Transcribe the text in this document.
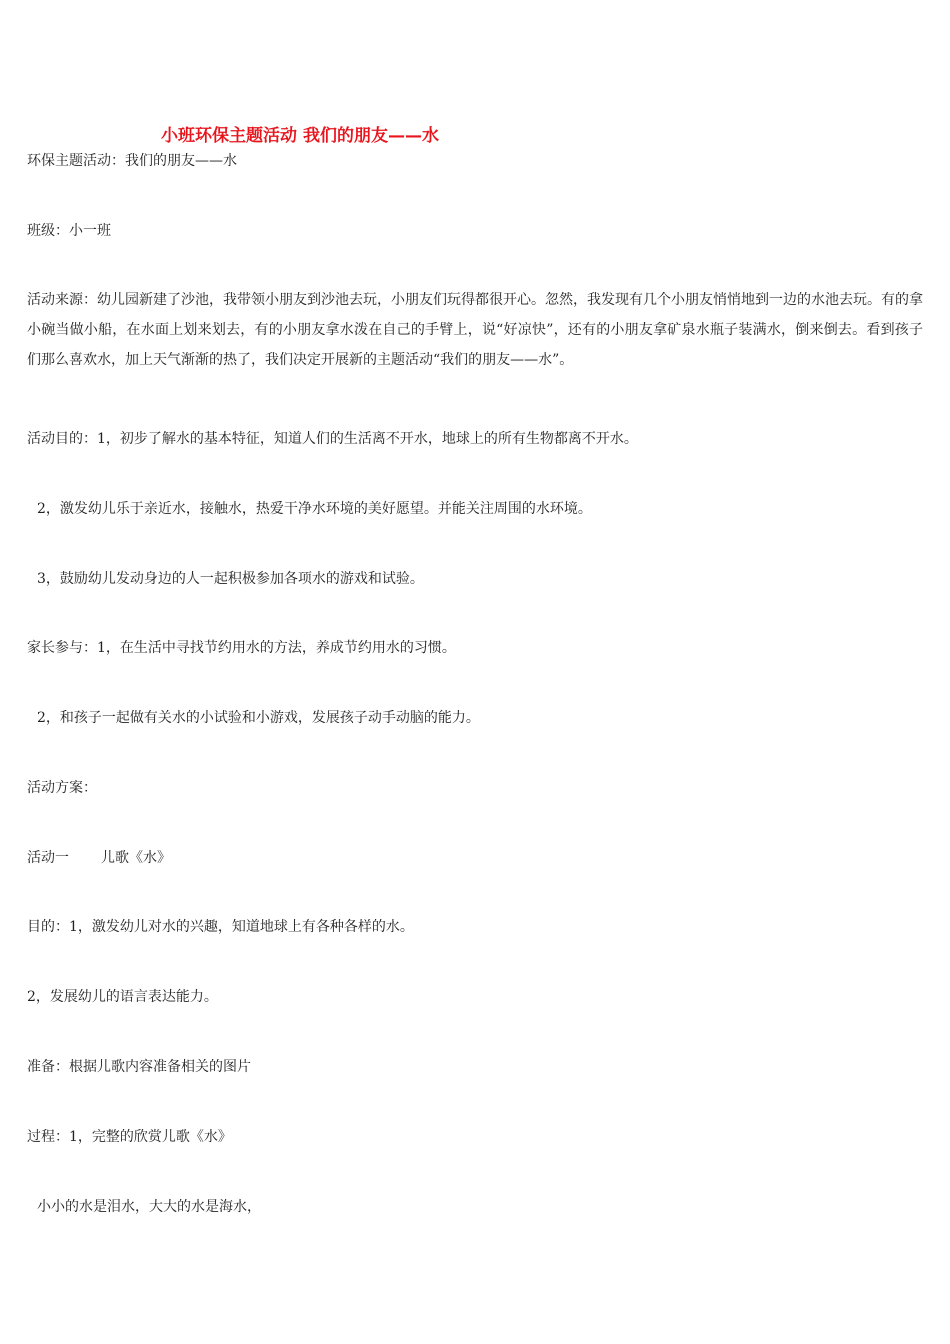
小班环保主题活动 我们的朋友——水
环保主题活动：我们的朋友——水
班级：小一班
活动来源：幼儿园新建了沙池，我带领小朋友到沙池去玩，小朋友们玩得都很开心。忽然，我发现有几个小朋友悄悄地到一边的水池去玩。有的拿小碗当做小船，在水面上划来划去，有的小朋友拿水泼在自己的手臂上，说“好凉快”，还有的小朋友拿矿泉水瓶子装满水，倒来倒去。看到孩子们那么喜欢水，加上天气渐渐的热了，我们决定开展新的主题活动“我们的朋友——水”。
活动目的：1，初步了解水的基本特征，知道人们的生活离不开水，地球上的所有生物都离不开水。
2，激发幼儿乐于亲近水，接触水，热爱干净水环境的美好愿望。并能关注周围的水环境。
3，鼓励幼儿发动身边的人一起积极参加各项水的游戏和试验。
家长参与：1，在生活中寻找节约用水的方法，养成节约用水的习惯。
2，和孩子一起做有关水的小试验和小游戏，发展孩子动手动脑的能力。
活动方案：
活动一 儿歌《水》
目的：1，激发幼儿对水的兴趣，知道地球上有各种各样的水。
2，发展幼儿的语言表达能力。
准备：根据儿歌内容准备相关的图片
过程：1，完整的欣赏儿歌《水》
小小的水是泪水，大大的水是海水，
